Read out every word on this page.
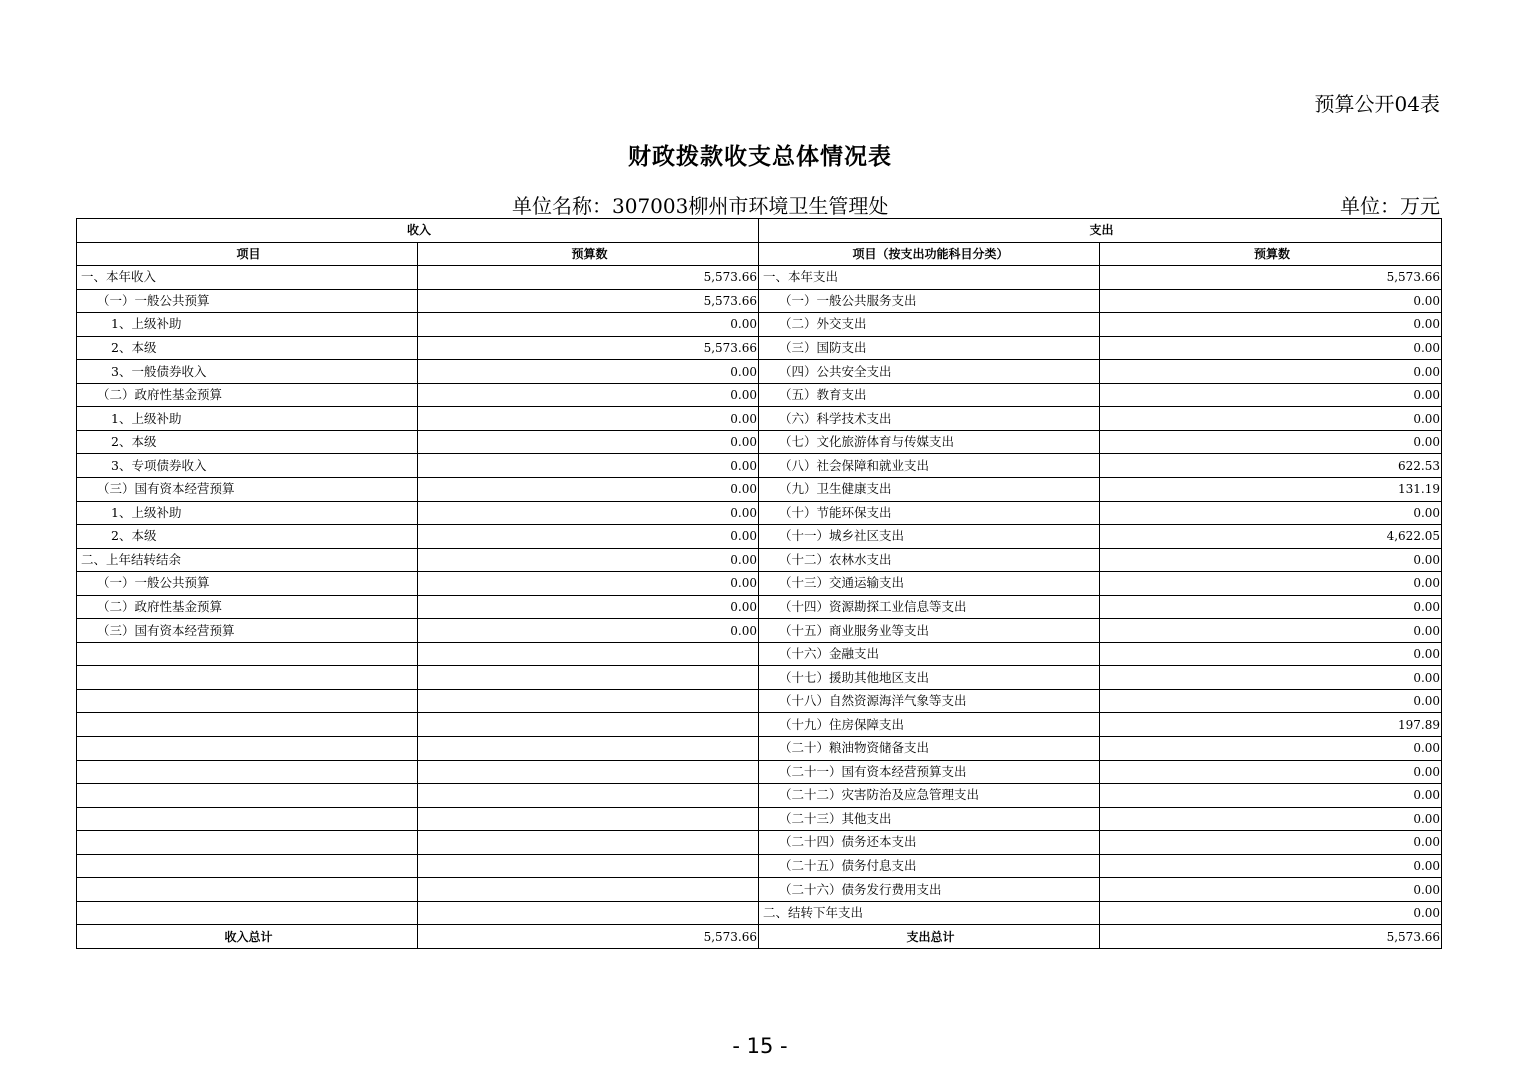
预算公开04表
财政拨款收支总体情况表
单位名称：307003柳州市环境卫生管理处	单位：万元
收入		支出	
项目	预算数	项目（按支出功能科目分类）	预算数
一、本年收入	5,573.66	一、本年支出	5,573.66
（一）一般公共预算	5,573.66	（一）一般公共服务支出	0.00
1、上级补助	0.00	（二）外交支出	0.00
2、本级	5,573.66	（三）国防支出	0.00
3、一般债券收入	0.00	（四）公共安全支出	0.00
（二）政府性基金预算	0.00	（五）教育支出	0.00
1、上级补助	0.00	（六）科学技术支出	0.00
2、本级	0.00	（七）文化旅游体育与传媒支出	0.00
3、专项债券收入	0.00	（八）社会保障和就业支出	622.53
（三）国有资本经营预算	0.00	（九）卫生健康支出	131.19
1、上级补助	0.00	（十）节能环保支出	0.00
2、本级	0.00	（十一）城乡社区支出	4,622.05
二、上年结转结余	0.00	（十二）农林水支出	0.00
（一）一般公共预算	0.00	（十三）交通运输支出	0.00
（二）政府性基金预算	0.00	（十四）资源勘探工业信息等支出	0.00
（三）国有资本经营预算	0.00	（十五）商业服务业等支出	0.00
		（十六）金融支出	0.00
		（十七）援助其他地区支出	0.00
		（十八）自然资源海洋气象等支出	0.00
		（十九）住房保障支出	197.89
		（二十）粮油物资储备支出	0.00
		（二十一）国有资本经营预算支出	0.00
		（二十二）灾害防治及应急管理支出	0.00
		（二十三）其他支出	0.00
		（二十四）债务还本支出	0.00
		（二十五）债务付息支出	0.00
		（二十六）债务发行费用支出	0.00
		二、结转下年支出	0.00
收入总计	5,573.66	支出总计	5,573.66
- 15 -
